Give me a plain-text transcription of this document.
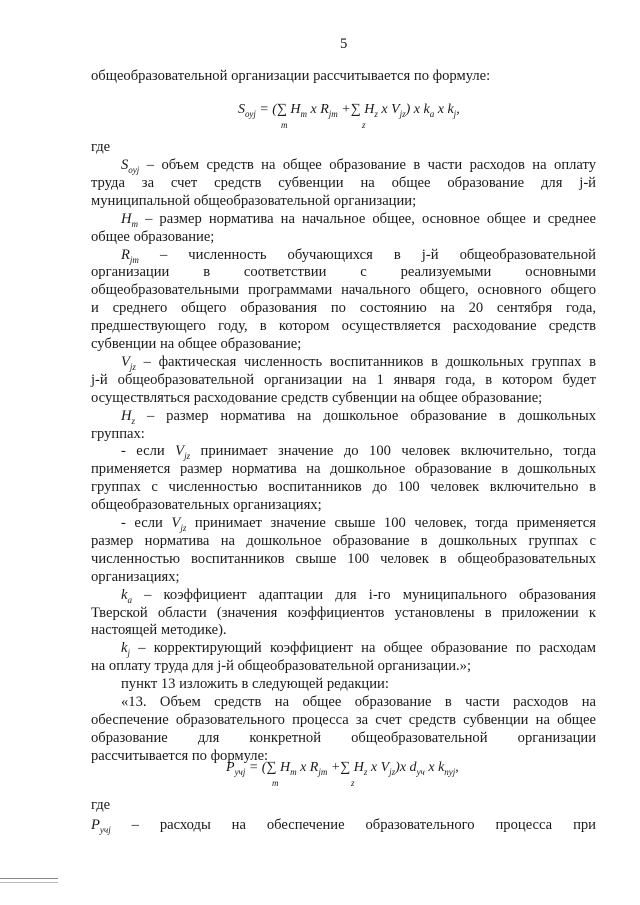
5
общеобразовательной организации рассчитывается по формуле:
$S_{оуj}$ = (∑ $H_m$ x $R_{jm}$ +∑ $H_z$ x $V_{jz}$) x $k_a$ x $k_j$,
m	z
где
$S_{oуj}$ – объем средств на общее образование в части расходов на оплату
труда за счет средств субвенции на общее образование для j-й
муниципальной общеобразовательной организации;
$H_m$ – размер норматива на начальное общее, основное общее и среднее
общее образование;
$R_{jm}$ – численность обучающихся в j-й общеобразовательной
организации в соответствии с реализуемыми основными
общеобразовательными программами начального общего, основного общего
и среднего общего образования по состоянию на 20 сентября года,
предшествующего году, в котором осуществляется расходование средств
субвенции на общее образование;
$V_{jz}$ – фактическая численность воспитанников в дошкольных группах в
j-й общеобразовательной организации на 1 января года, в котором будет
осуществляться расходование средств субвенции на общее образование;
$H_z$ – размер норматива на дошкольное образование в дошкольных
группах:
- если $V_{jz}$ принимает значение до 100 человек включительно, тогда
применяется размер норматива на дошкольное образование в дошкольных
группах с численностью воспитанников до 100 человек включительно в
общеобразовательных организациях;
- если $V_{jz}$ принимает значение свыше 100 человек, тогда применяется
размер норматива на дошкольное образование в дошкольных группах с
численностью воспитанников свыше 100 человек в общеобразовательных
организациях;
$k_a$ – коэффициент адаптации для i-го муниципального образования
Тверской области (значения коэффициентов установлены в приложении к
настоящей методике).
$k_j$ – корректирующий коэффициент на общее образование по расходам
на оплату труда для j-й общеобразовательной организации.»;
пункт 13 изложить в следующей редакции:
«13. Объем средств на общее образование в части расходов на
обеспечение образовательного процесса за счет средств субвенции на общее
образование для конкретной общеобразовательной организации
рассчитывается по формуле:
$P_{учj}$ = (∑ $H_m$ x $R_{jm}$ +∑ $H_z$ x $V_{jz})x$ $d_{уч}$ x $k_{nуj}$,
m	z
где
$P_{учj}$ – расходы на обеспечение образовательного процесса при
